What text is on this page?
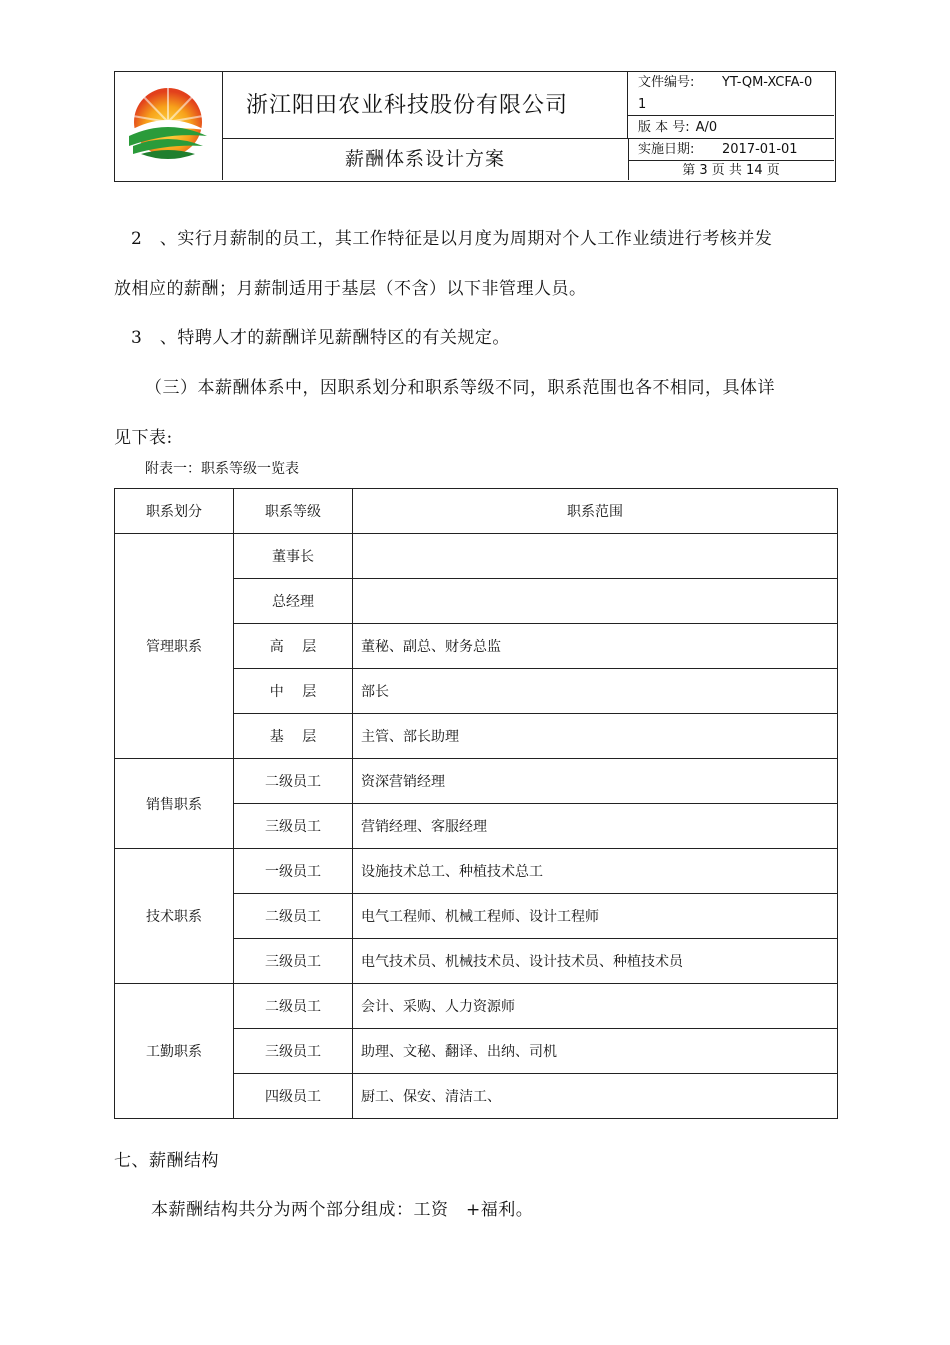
浙江阳田农业科技股份有限公司
薪酬体系设计方案
文件编号: YT-QM-XCFA-0
1
版 本 号: A/0
实施日期: 2017-01-01
第 3 页 共 14 页
2　、实行月薪制的员工，其工作特征是以月度为周期对个人工作业绩进行考核并发
放相应的薪酬；月薪制适用于基层（不含）以下非管理人员。
3　、特聘人才的薪酬详见薪酬特区的有关规定。
（三）本薪酬体系中，因职系划分和职系等级不同，职系范围也各不相同，具体详
见下表:
附表一：职系等级一览表
职系划分	职系等级	职系范围
管理职系	董事长	
	总经理	
	高　 层	董秘、副总、财务总监
	中　 层	部长
	基　 层	主管、部长助理
销售职系	二级员工	资深营销经理
	三级员工	营销经理、客服经理
技术职系	一级员工	设施技术总工、种植技术总工
	二级员工	电气工程师、机械工程师、设计工程师
	三级员工	电气技术员、机械技术员、设计技术员、种植技术员
工勤职系	二级员工	会计、采购、人力资源师
	三级员工	助理、文秘、翻译、出纳、司机
	四级员工	厨工、保安、清洁工、
七、薪酬结构
本薪酬结构共分为两个部分组成：工资　+福利。
